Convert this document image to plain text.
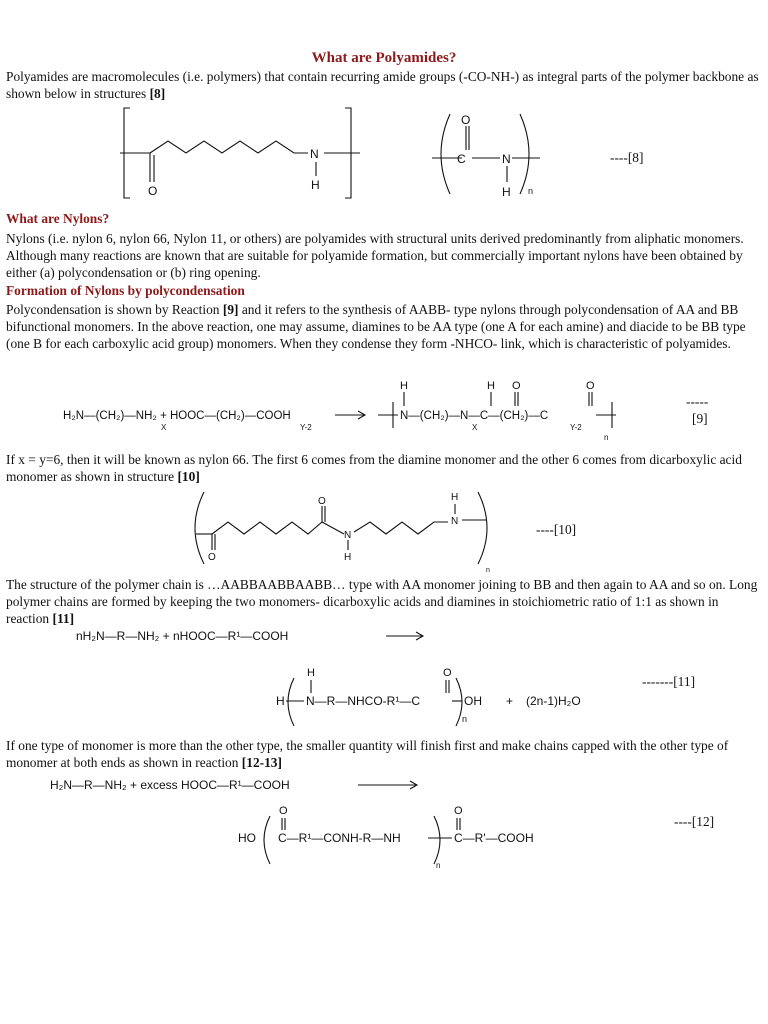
What are Polyamides?

Polyamides are macromolecules (i.e. polymers) that contain recurring amide groups (-CO-NH-) as integral parts of the polymer backbone as shown below in structures [8]

O
N
H
C
O
N
H n
----[8]
What are Nylons?

Nylons (i.e. nylon 6, nylon 66, Nylon 11, or others) are polyamides with structural units derived predominantly from aliphatic monomers. Although many reactions are known that are suitable for polyamide formation, but commercially important nylons have been obtained by either (a) polycondensation or (b) ring opening.

Formation of Nylons by polycondensation

Polycondensation is shown by Reaction [9] and it refers to the synthesis of AABB- type nylons through polycondensation of AA and BB bifunctional monomers. In the above reaction, one may assume, diamines to be AA type (one A for each amine) and diacide to be BB type (one B for each carboxylic acid group) monomers. When they condense they form -NHCO- link, which is characteristic of polyamides.

H₂N—(CH₂)—NH₂ + HOOC—(CH₂)—COOH
X	Y-2
N—(CH₂)—N—C—(CH₂)—C
X	Y-2
n
H	H O	O
-----
[9]

If x = y=6, then it will be known as nylon 66. The first 6 comes from the diamine monomer and the other 6 comes from dicarboxylic acid monomer as shown in structure [10]

O
O
N
H
N
H
n
----[10]

The structure of the polymer chain is …AABBAABBAABB… type with AA monomer joining to BB and then again to AA and so on. Long polymer chains are formed by keeping the two monomers- dicarboxylic acids and diamines in stoichiometric ratio of 1:1 as shown in reaction [11]

nH₂N—R—NH₂ + nHOOC—R¹—COOH
H N—R—NHCO-R¹—C
H	O
OH
n
+ (2n-1)H₂O
-------[11]

If one type of monomer is more than the other type, the smaller quantity will finish first and make chains capped with the other type of monomer at both ends as shown in reaction [12-13]

H₂N—R—NH₂ + excess HOOC—R¹—COOH
HO C—R¹—CONH-R—NH
O
n
C—R'—COOH
O
----[12]
